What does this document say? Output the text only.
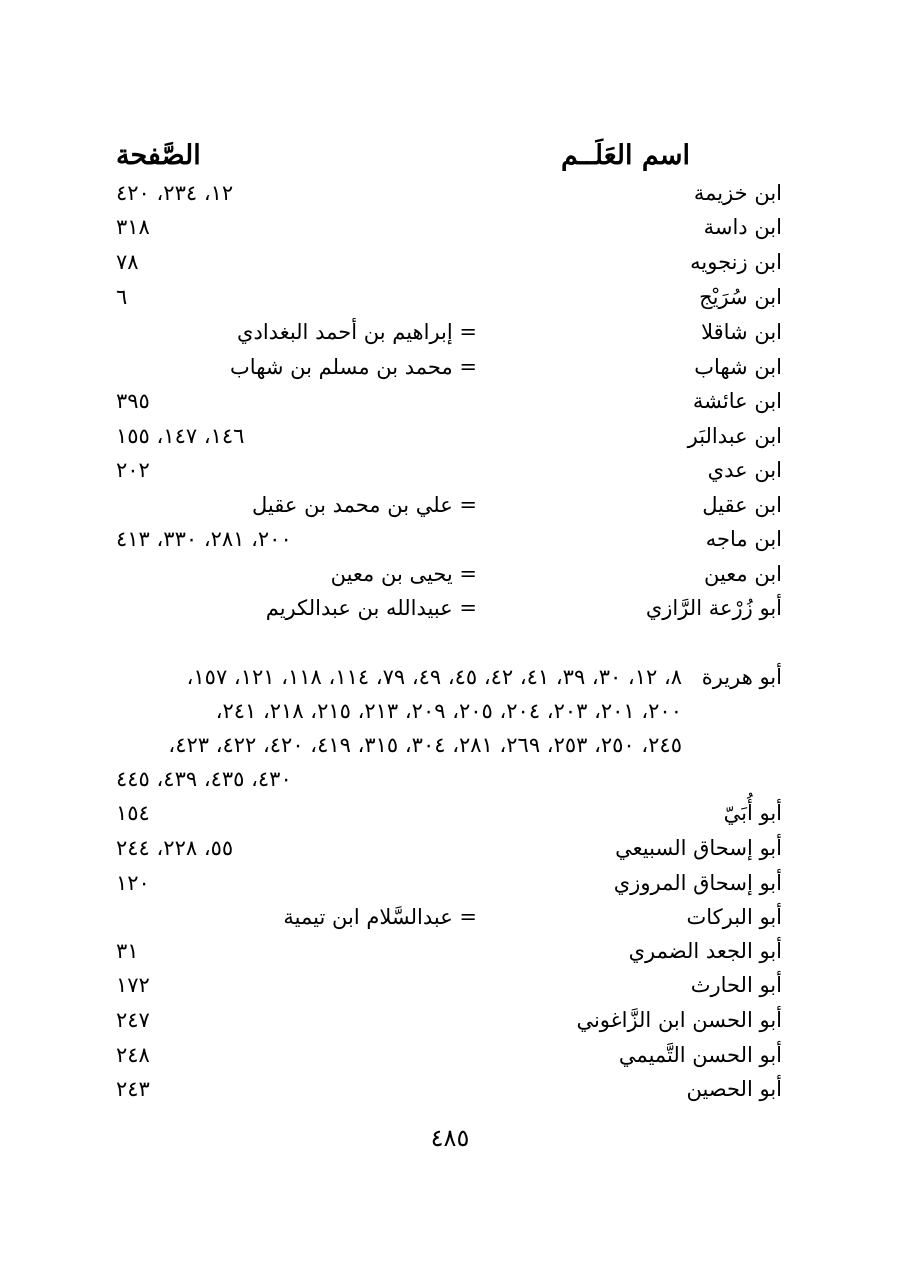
اسم العَلَــم
الصَّفحة
ابن خزيمة
١٢، ٢٣٤، ٤٢٠
ابن داسة
٣١٨
ابن زنجويه
٧٨
ابن سُرَيْج
٦
ابن شاقلا
= إبراهيم بن أحمد البغدادي
ابن شهاب
= محمد بن مسلم بن شهاب
ابن عائشة
٣٩٥
ابن عبدالبَر
١٤٦، ١٤٧، ١٥٥
ابن عدي
٢٠٢
ابن عقيل
= علي بن محمد بن عقيل
ابن ماجه
٢٠٠، ٢٨١، ٣٣٠، ٤١٣
ابن معين
= يحيى بن معين
أبو زُرْعة الرَّازي
= عبيدالله بن عبدالكريم
أبو هريرة
٨، ١٢، ٣٠، ٣٩، ٤١، ٤٢، ٤٥، ٤٩، ٧٩، ١١٤، ١١٨، ١٢١، ١٥٧،
٢٠٠، ٢٠١، ٢٠٣، ٢٠٤، ٢٠٥، ٢٠٩، ٢١٣، ٢١٥، ٢١٨، ٢٤١،
٢٤٥، ٢٥٠، ٢٥٣، ٢٦٩، ٢٨١، ٣٠٤، ٣١٥، ٤١٩، ٤٢٠، ٤٢٢، ٤٢٣،
٤٣٠، ٤٣٥، ٤٣٩، ٤٤٥
أبو أُبَيّ
١٥٤
أبو إسحاق السبيعي
٥٥، ٢٢٨، ٢٤٤
أبو إسحاق المروزي
١٢٠
أبو البركات
= عبدالسَّلام ابن تيمية
أبو الجعد الضمري
٣١
أبو الحارث
١٧٢
أبو الحسن ابن الزَّاغوني
٢٤٧
أبو الحسن التَّميمي
٢٤٨
أبو الحصين
٢٤٣
٤٨٥
